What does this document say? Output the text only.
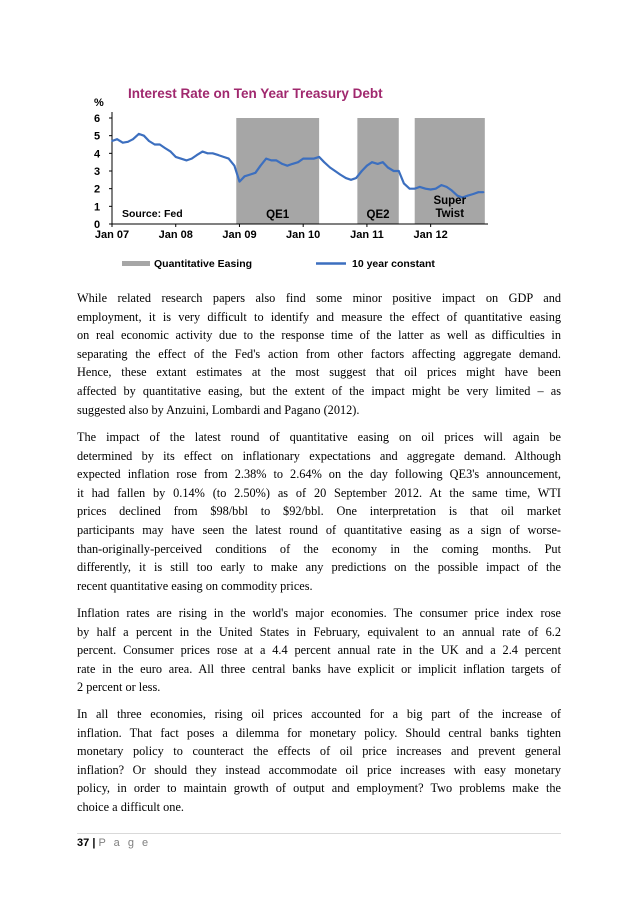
Interest Rate on Ten Year Treasury Debt
%
0
1
2
3
4
5
6
Jan 07	Jan 08	Jan 09	Jan 10	Jan 11	Jan 12
QE1	QE2
Super
Twist
Source: Fed
Quantitative Easing	10 year constant
While related research papers also find some minor positive impact on GDP and
employment, it is very difficult to identify and measure the effect of quantitative easing
on real economic activity due to the response time of the latter as well as difficulties in
separating the effect of the Fed's action from other factors affecting aggregate demand.
Hence, these extant estimates at the most suggest that oil prices might have been
affected by quantitative easing, but the extent of the impact might be very limited – as
suggested also by Anzuini, Lombardi and Pagano (2012).
The impact of the latest round of quantitative easing on oil prices will again be
determined by its effect on inflationary expectations and aggregate demand. Although
expected inflation rose from 2.38% to 2.64% on the day following QE3's announcement,
it had fallen by 0.14% (to 2.50%) as of 20 September 2012. At the same time, WTI
prices declined from $98/bbl to $92/bbl. One interpretation is that oil market
participants may have seen the latest round of quantitative easing as a sign of worse-
than-originally-perceived conditions of the economy in the coming months. Put
differently, it is still too early to make any predictions on the possible impact of the
recent quantitative easing on commodity prices.
Inflation rates are rising in the world's major economies. The consumer price index rose
by half a percent in the United States in February, equivalent to an annual rate of 6.2
percent. Consumer prices rose at a 4.4 percent annual rate in the UK and a 2.4 percent
rate in the euro area. All three central banks have explicit or implicit inflation targets of
2 percent or less.
In all three economies, rising oil prices accounted for a big part of the increase of
inflation. That fact poses a dilemma for monetary policy. Should central banks tighten
monetary policy to counteract the effects of oil price increases and prevent general
inflation? Or should they instead accommodate oil price increases with easy monetary
policy, in order to maintain growth of output and employment? Two problems make the
choice a difficult one.
37 | P a g e
